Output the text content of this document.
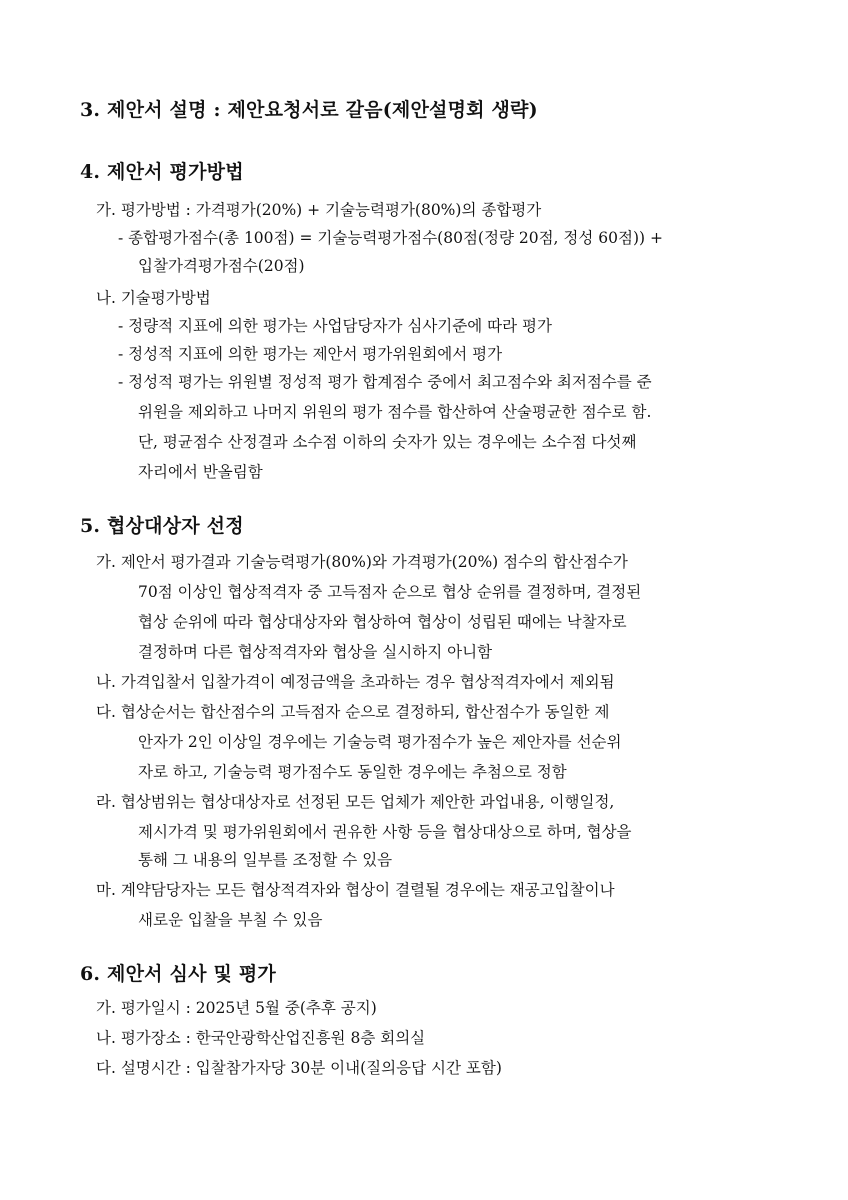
3. 제안서 설명 : 제안요청서로 갈음(제안설명회 생략)
4. 제안서 평가방법
가. 평가방법 : 가격평가(20%) + 기술능력평가(80%)의 종합평가
- 종합평가점수(총 100점) = 기술능력평가점수(80점(정량 20점, 정성 60점)) +
입찰가격평가점수(20점)
나. 기술평가방법
- 정량적 지표에 의한 평가는 사업담당자가 심사기준에 따라 평가
- 정성적 지표에 의한 평가는 제안서 평가위원회에서 평가
- 정성적 평가는 위원별 정성적 평가 합계점수 중에서 최고점수와 최저점수를 준
위원을 제외하고 나머지 위원의 평가 점수를 합산하여 산술평균한 점수로 함.
단, 평균점수 산정결과 소수점 이하의 숫자가 있는 경우에는 소수점 다섯째
자리에서 반올림함
5. 협상대상자 선정
가. 제안서 평가결과 기술능력평가(80%)와 가격평가(20%) 점수의 합산점수가
70점 이상인 협상적격자 중 고득점자 순으로 협상 순위를 결정하며, 결정된
협상 순위에 따라 협상대상자와 협상하여 협상이 성립된 때에는 낙찰자로
결정하며 다른 협상적격자와 협상을 실시하지 아니함
나. 가격입찰서 입찰가격이 예정금액을 초과하는 경우 협상적격자에서 제외됨
다. 협상순서는 합산점수의 고득점자 순으로 결정하되, 합산점수가 동일한 제
안자가 2인 이상일 경우에는 기술능력 평가점수가 높은 제안자를 선순위
자로 하고, 기술능력 평가점수도 동일한 경우에는 추첨으로 정함
라. 협상범위는 협상대상자로 선정된 모든 업체가 제안한 과업내용, 이행일정,
제시가격 및 평가위원회에서 권유한 사항 등을 협상대상으로 하며, 협상을
통해 그 내용의 일부를 조정할 수 있음
마. 계약담당자는 모든 협상적격자와 협상이 결렬될 경우에는 재공고입찰이나
새로운 입찰을 부칠 수 있음
6. 제안서 심사 및 평가
가. 평가일시 : 2025년 5월 중(추후 공지)
나. 평가장소 : 한국안광학산업진흥원 8층 회의실
다. 설명시간 : 입찰참가자당 30분 이내(질의응답 시간 포함)
